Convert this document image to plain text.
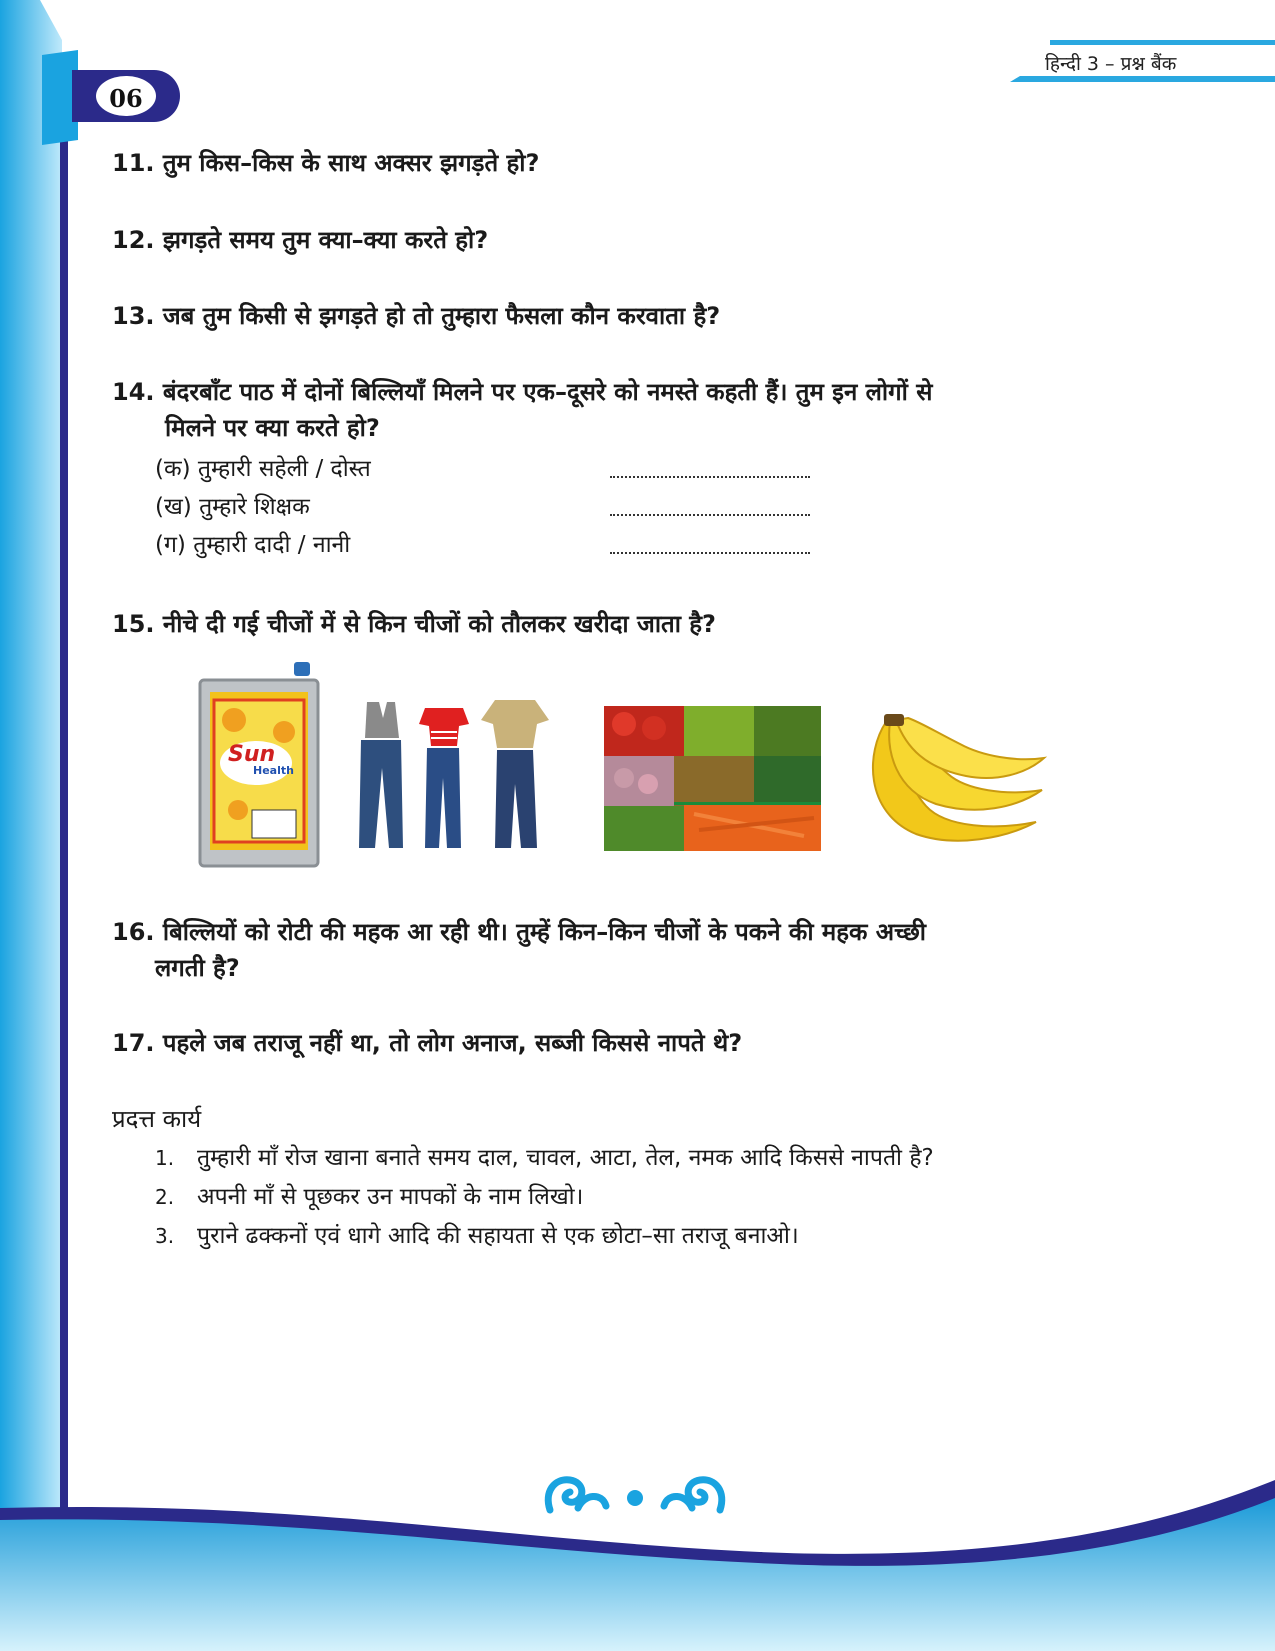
06
हिन्दी 3 – प्रश्न बैंक
11. तुम किस–किस के साथ अक्सर झगड़ते हो?
12. झगड़ते समय तुम क्या–क्या करते हो?
13. जब तुम किसी से झगड़ते हो तो तुम्हारा फैसला कौन करवाता है?
14. बंदरबाँट पाठ में दोनों बिल्लियाँ मिलने पर एक–दूसरे को नमस्ते कहती हैं। तुम इन लोगों से
मिलने पर क्या करते हो?
(क) तुम्हारी सहेली / दोस्त
(ख) तुम्हारे शिक्षक
(ग) तुम्हारी दादी / नानी
15. नीचे दी गई चीजों में से किन चीजों को तौलकर खरीदा जाता है?
Sun
Health
16. बिल्लियों को रोटी की महक आ रही थी। तुम्हें किन–किन चीजों के पकने की महक अच्छी
लगती है?
17. पहले जब तराजू नहीं था, तो लोग अनाज, सब्जी किससे नापते थे?
प्रदत्त कार्य
1. तुम्हारी माँ रोज खाना बनाते समय दाल, चावल, आटा, तेल, नमक आदि किससे नापती है?
2. अपनी माँ से पूछकर उन मापकों के नाम लिखो।
3. पुराने ढक्कनों एवं धागे आदि की सहायता से एक छोटा–सा तराजू बनाओ।
